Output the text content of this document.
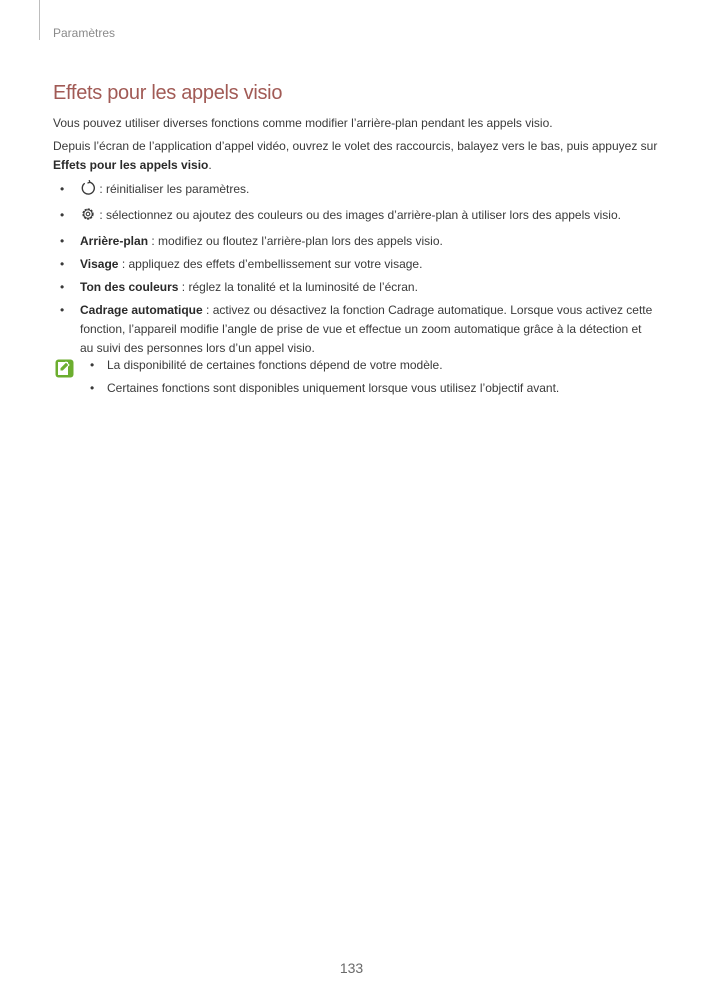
Paramètres
Effets pour les appels visio

Vous pouvez utiliser diverses fonctions comme modifier l’arrière-plan pendant les appels visio.

Depuis l’écran de l’application d’appel vidéo, ouvrez le volet des raccourcis, balayez vers le bas, puis appuyez sur Effets pour les appels visio.

•	: réinitialiser les paramètres.
•	: sélectionnez ou ajoutez des couleurs ou des images d’arrière-plan à utiliser lors des appels visio.
• Arrière-plan : modifiez ou floutez l’arrière-plan lors des appels visio.
• Visage : appliquez des effets d’embellissement sur votre visage.
• Ton des couleurs : réglez la tonalité et la luminosité de l’écran.
• Cadrage automatique : activez ou désactivez la fonction Cadrage automatique. Lorsque vous activez cette fonction, l’appareil modifie l’angle de prise de vue et effectue un zoom automatique grâce à la détection et au suivi des personnes lors d’un appel visio.
• La disponibilité de certaines fonctions dépend de votre modèle.
• Certaines fonctions sont disponibles uniquement lorsque vous utilisez l’objectif avant.
133
